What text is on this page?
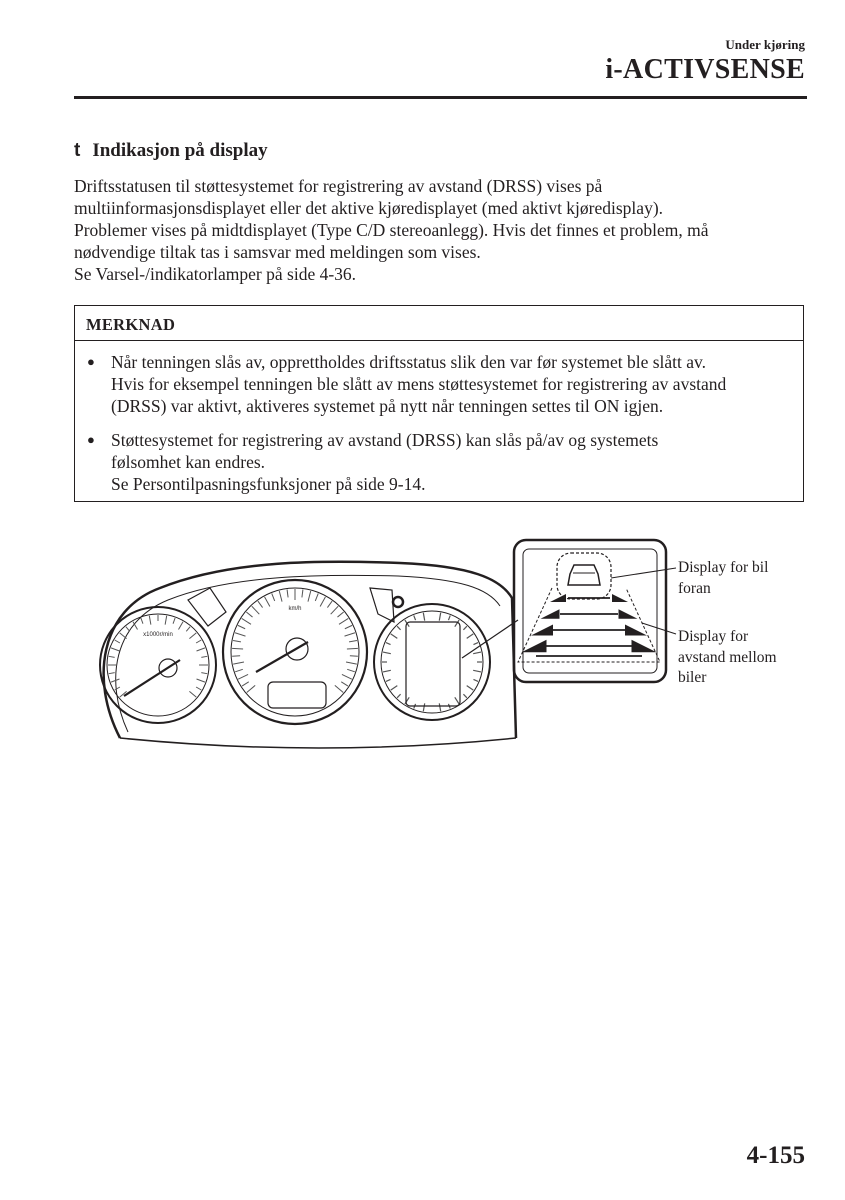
Under kjøring
i-ACTIVSENSE
t Indikasjon på display
Driftsstatusen til støttesystemet for registrering av avstand (DRSS) vises på
multiinformasjonsdisplayet eller det aktive kjøredisplayet (med aktivt kjøredisplay).
Problemer vises på midtdisplayet (Type C/D stereoanlegg). Hvis det finnes et problem, må
nødvendige tiltak tas i samsvar med meldingen som vises.
Se Varsel-/indikatorlamper på side 4-36.
MERKNAD
● Når tenningen slås av, opprettholdes driftsstatus slik den var før systemet ble slått av.
Hvis for eksempel tenningen ble slått av mens støttesystemet for registrering av avstand
(DRSS) var aktivt, aktiveres systemet på nytt når tenningen settes til ON igjen.
● Støttesystemet for registrering av avstand (DRSS) kan slås på/av og systemets
følsomhet kan endres.
Se Persontilpasningsfunksjoner på side 9-14.
x1000r/min
km/h
Display for bil
foran
Display for
avstand mellom
biler
4-155
